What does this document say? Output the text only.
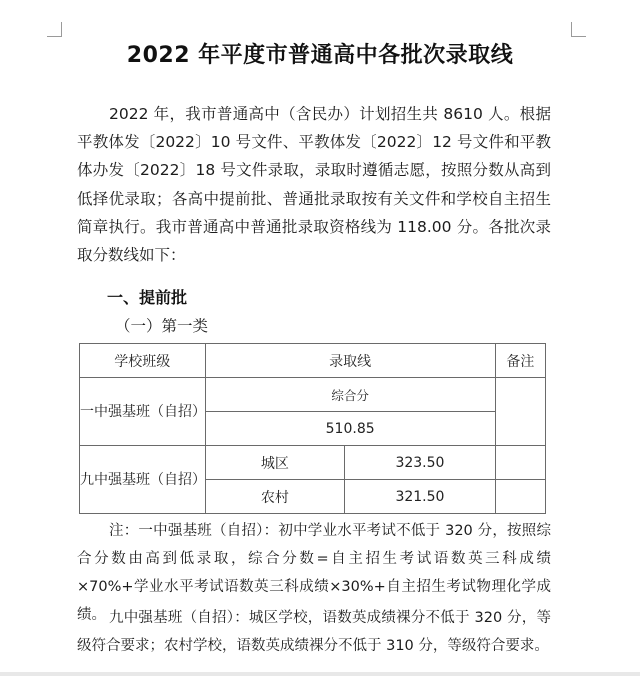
2022 年平度市普通高中各批次录取线
2022 年，我市普通高中（含民办）计划招生共 8610 人。根据平教体发〔2022〕10 号文件、平教体发〔2022〕12 号文件和平教体办发〔2022〕18 号文件录取，录取时遵循志愿，按照分数从高到低择优录取；各高中提前批、普通批录取按有关文件和学校自主招生简章执行。我市普通高中普通批录取资格线为 118.00 分。各批次录取分数线如下：
一、提前批
（一）第一类
学校班级	录取线		备注
一中强基班（自招）	综合分		
	510.85		
九中强基班（自招）	城区	323.50	
	农村	321.50	
注：一中强基班（自招）：初中学业水平考试不低于 320 分，按照综合分数由高到低录取，综合分数=自主招生考试语数英三科成绩×70%+学业水平考试语数英三科成绩×30%+自主招生考试物理化学成绩。 九中强基班（自招）：城区学校，语数英成绩裸分不低于 320 分，等级符合要求；农村学校，语数英成绩裸分不低于 310 分，等级符合要求。
